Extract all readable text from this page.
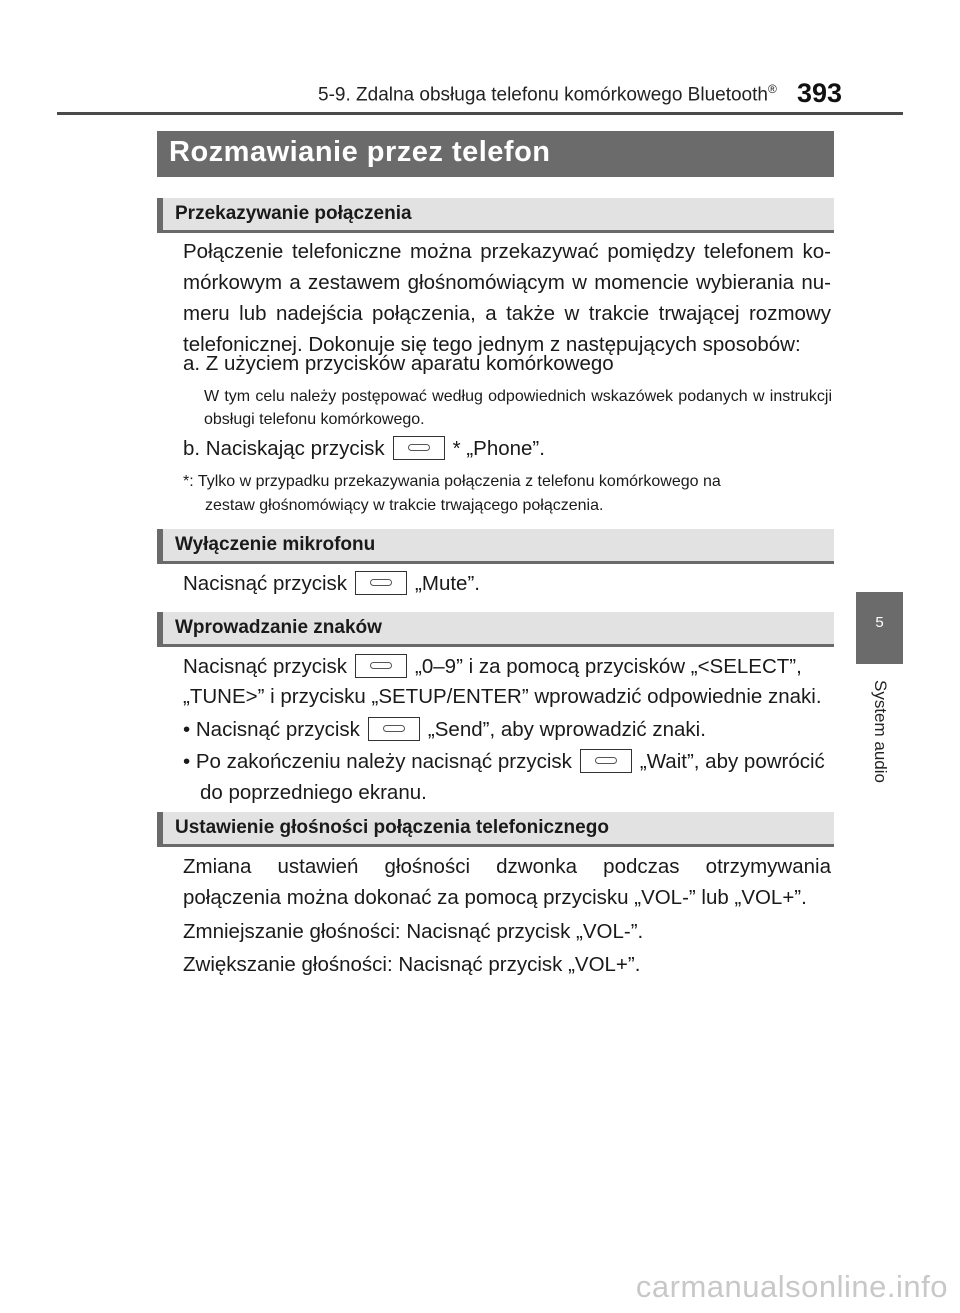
5-9. Zdalna obsługa telefonu komórkowego Bluetooth® 393
Rozmawianie przez telefon
Przekazywanie połączenia

Połączenie telefoniczne można przekazywać pomiędzy telefonem ko-mórkowym a zestawem głośnomówiącym w momencie wybierania nu-meru lub nadejścia połączenia, a także w trakcie trwającej rozmowy telefonicznej. Dokonuje się tego jednym z następujących sposobów:

a. Z użyciem przycisków aparatu komórkowego

W tym celu należy postępować według odpowiednich wskazówek podanych w instrukcji obsługi telefonu komórkowego.

b. Naciskając przycisk	* „Phone”.
*: Tylko w przypadku przekazywania połączenia z telefonu komórkowego na
zestaw głośnomówiący w trakcie trwającego połączenia.
Wyłączenie mikrofonu
Nacisnąć przycisk	„Mute”.
Wprowadzanie znaków
Nacisnąć przycisk	„0–9” i za pomocą przycisków „<SELECT”,
„TUNE>” i przycisku „SETUP/ENTER” wprowadzić odpowiednie znaki.
• Nacisnąć przycisk	„Send”, aby wprowadzić znaki.
• Po zakończeniu należy nacisnąć przycisk	„Wait”, aby powrócić
do poprzedniego ekranu.
Ustawienie głośności połączenia telefonicznego

Zmiana ustawień głośności dzwonka podczas otrzymywania połączenia można dokonać za pomocą przycisku „VOL-” lub „VOL+”.

Zmniejszanie głośności: Nacisnąć przycisk „VOL-”.
Zwiększanie głośności: Nacisnąć przycisk „VOL+”.
5
System audio
carmanualsonline.info
